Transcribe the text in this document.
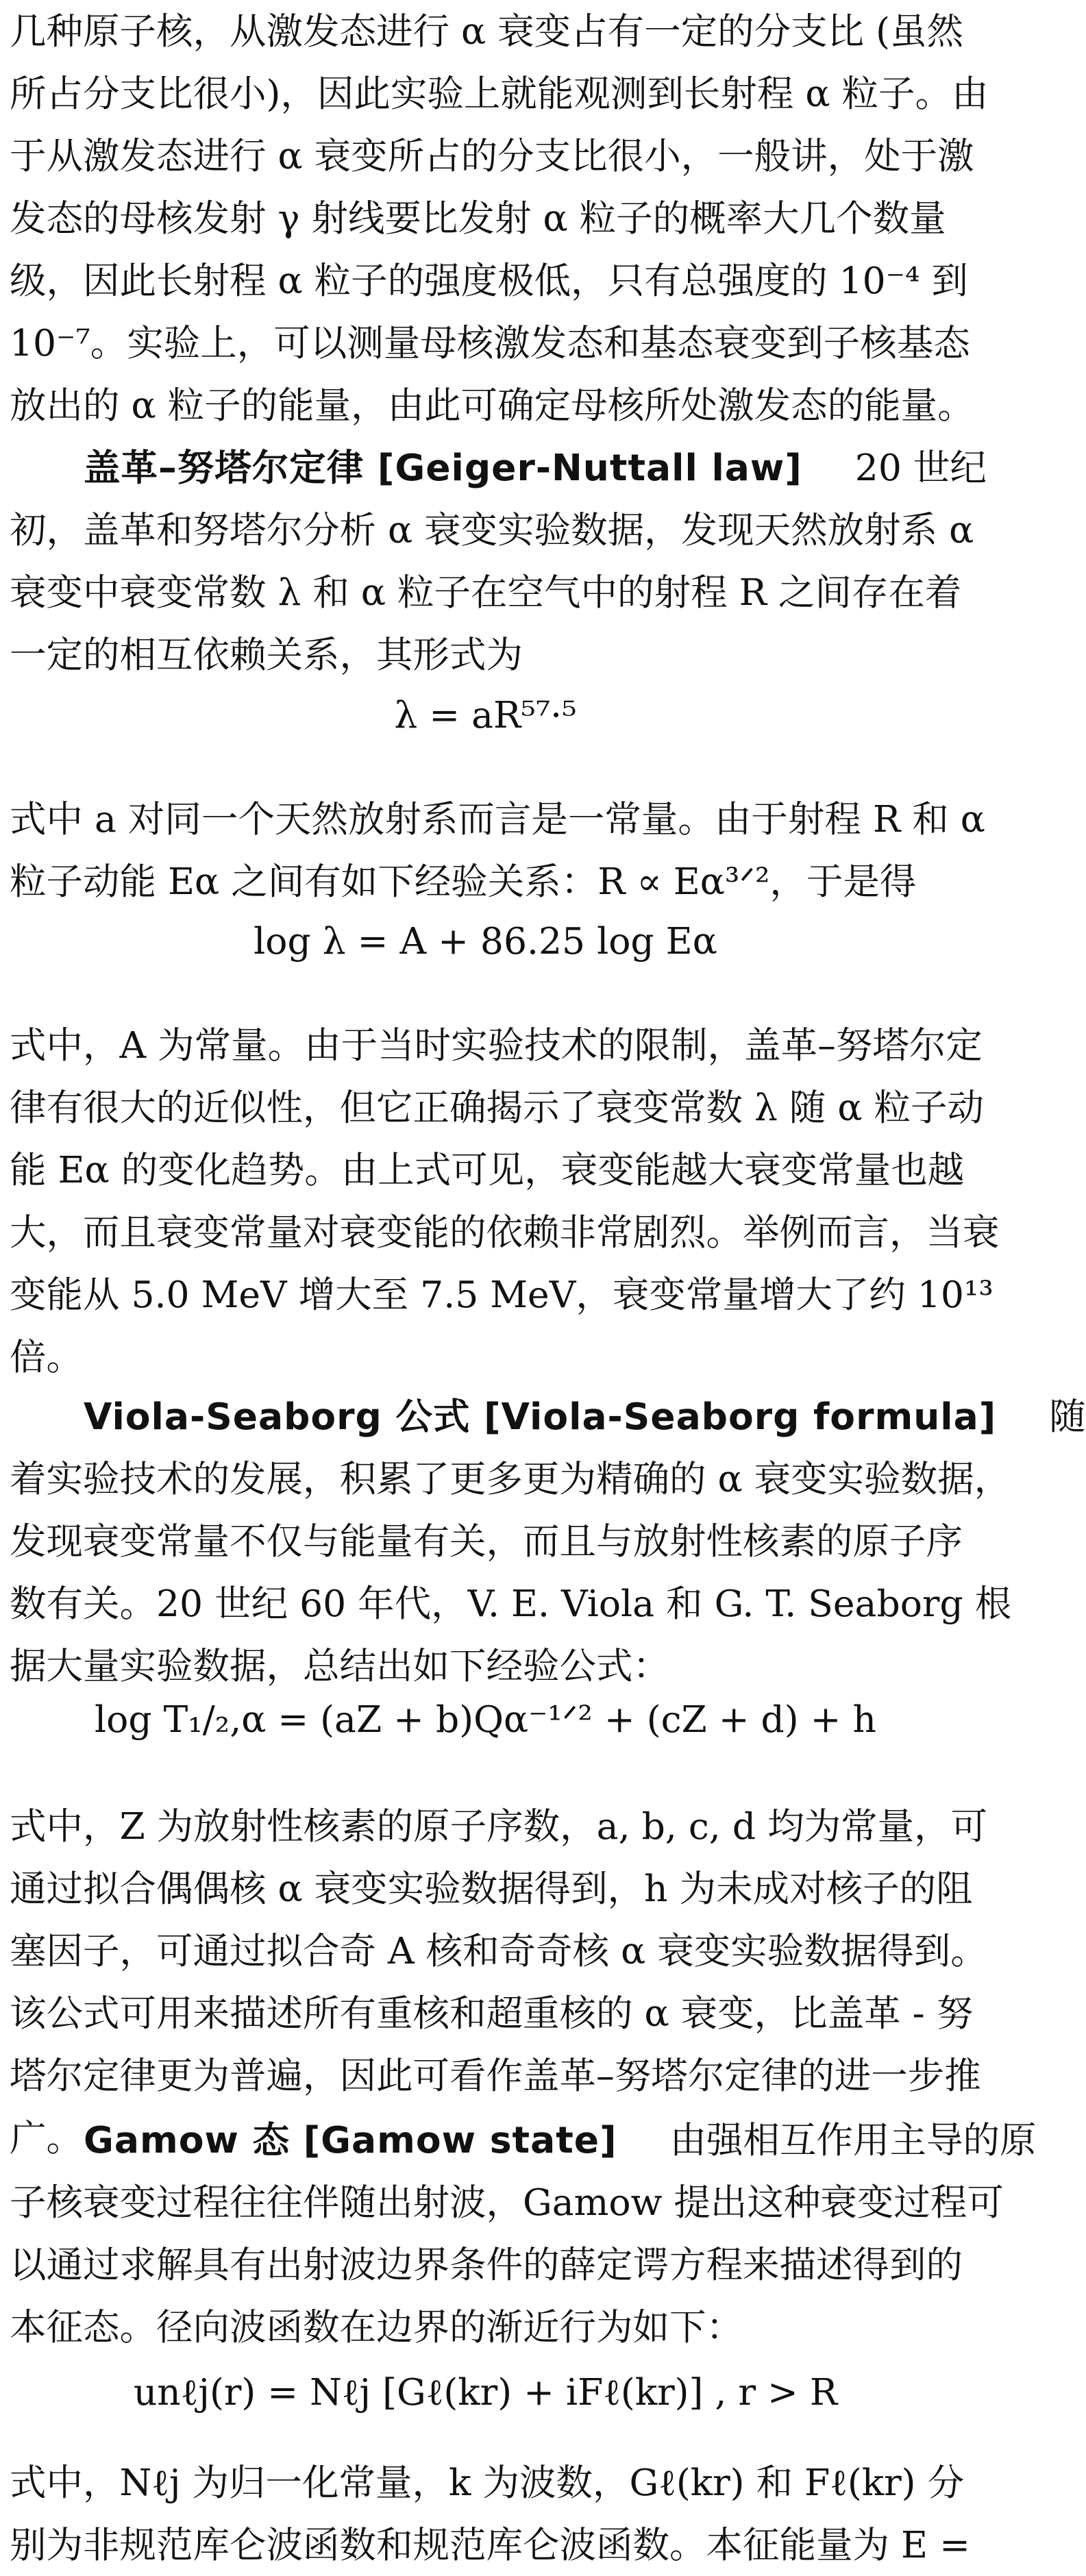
几种原子核，从激发态进行 α 衰变占有一定的分支比 (虽然
所占分支比很小)，因此实验上就能观测到长射程 α 粒子。由
于从激发态进行 α 衰变所占的分支比很小，一般讲，处于激
发态的母核发射 γ 射线要比发射 α 粒子的概率大几个数量
级，因此长射程 α 粒子的强度极低，只有总强度的 10⁻⁴ 到
10⁻⁷。实验上，可以测量母核激发态和基态衰变到子核基态
放出的 α 粒子的能量，由此可确定母核所处激发态的能量。
盖革–努塔尔定律 [Geiger-Nuttall law] 20 世纪
初，盖革和努塔尔分析 α 衰变实验数据，发现天然放射系 α
衰变中衰变常数 λ 和 α 粒子在空气中的射程 R 之间存在着
一定的相互依赖关系，其形式为
λ = aR⁵⁷·⁵
式中 a 对同一个天然放射系而言是一常量。由于射程 R 和 α
粒子动能 Eα 之间有如下经验关系：R ∝ Eα³ᐟ²，于是得
log λ = A + 86.25 log Eα
式中，A 为常量。由于当时实验技术的限制，盖革–努塔尔定
律有很大的近似性，但它正确揭示了衰变常数 λ 随 α 粒子动
能 Eα 的变化趋势。由上式可见，衰变能越大衰变常量也越
大，而且衰变常量对衰变能的依赖非常剧烈。举例而言，当衰
变能从 5.0 MeV 增大至 7.5 MeV，衰变常量增大了约 10¹³
倍。
Viola-Seaborg 公式 [Viola-Seaborg formula] 随
着实验技术的发展，积累了更多更为精确的 α 衰变实验数据，
发现衰变常量不仅与能量有关，而且与放射性核素的原子序
数有关。20 世纪 60 年代，V. E. Viola 和 G. T. Seaborg 根
据大量实验数据，总结出如下经验公式：
log T₁/₂,α = (aZ + b)Qα⁻¹ᐟ² + (cZ + d) + h
式中，Z 为放射性核素的原子序数，a, b, c, d 均为常量，可
通过拟合偶偶核 α 衰变实验数据得到，h 为未成对核子的阻
塞因子，可通过拟合奇 A 核和奇奇核 α 衰变实验数据得到。
该公式可用来描述所有重核和超重核的 α 衰变，比盖革 - 努
塔尔定律更为普遍，因此可看作盖革–努塔尔定律的进一步推
广。 Gamow 态 [Gamow state] 由强相互作用主导的原
子核衰变过程往往伴随出射波，Gamow 提出这种衰变过程可
以通过求解具有出射波边界条件的薛定谔方程来描述得到的
本征态。径向波函数在边界的渐近行为如下：
unℓj(r) = Nℓj [Gℓ(kr) + iFℓ(kr)] , r > R
式中，Nℓj 为归一化常量，k 为波数，Gℓ(kr) 和 Fℓ(kr) 分
别为非规范库仑波函数和规范库仑波函数。本征能量为 E =
